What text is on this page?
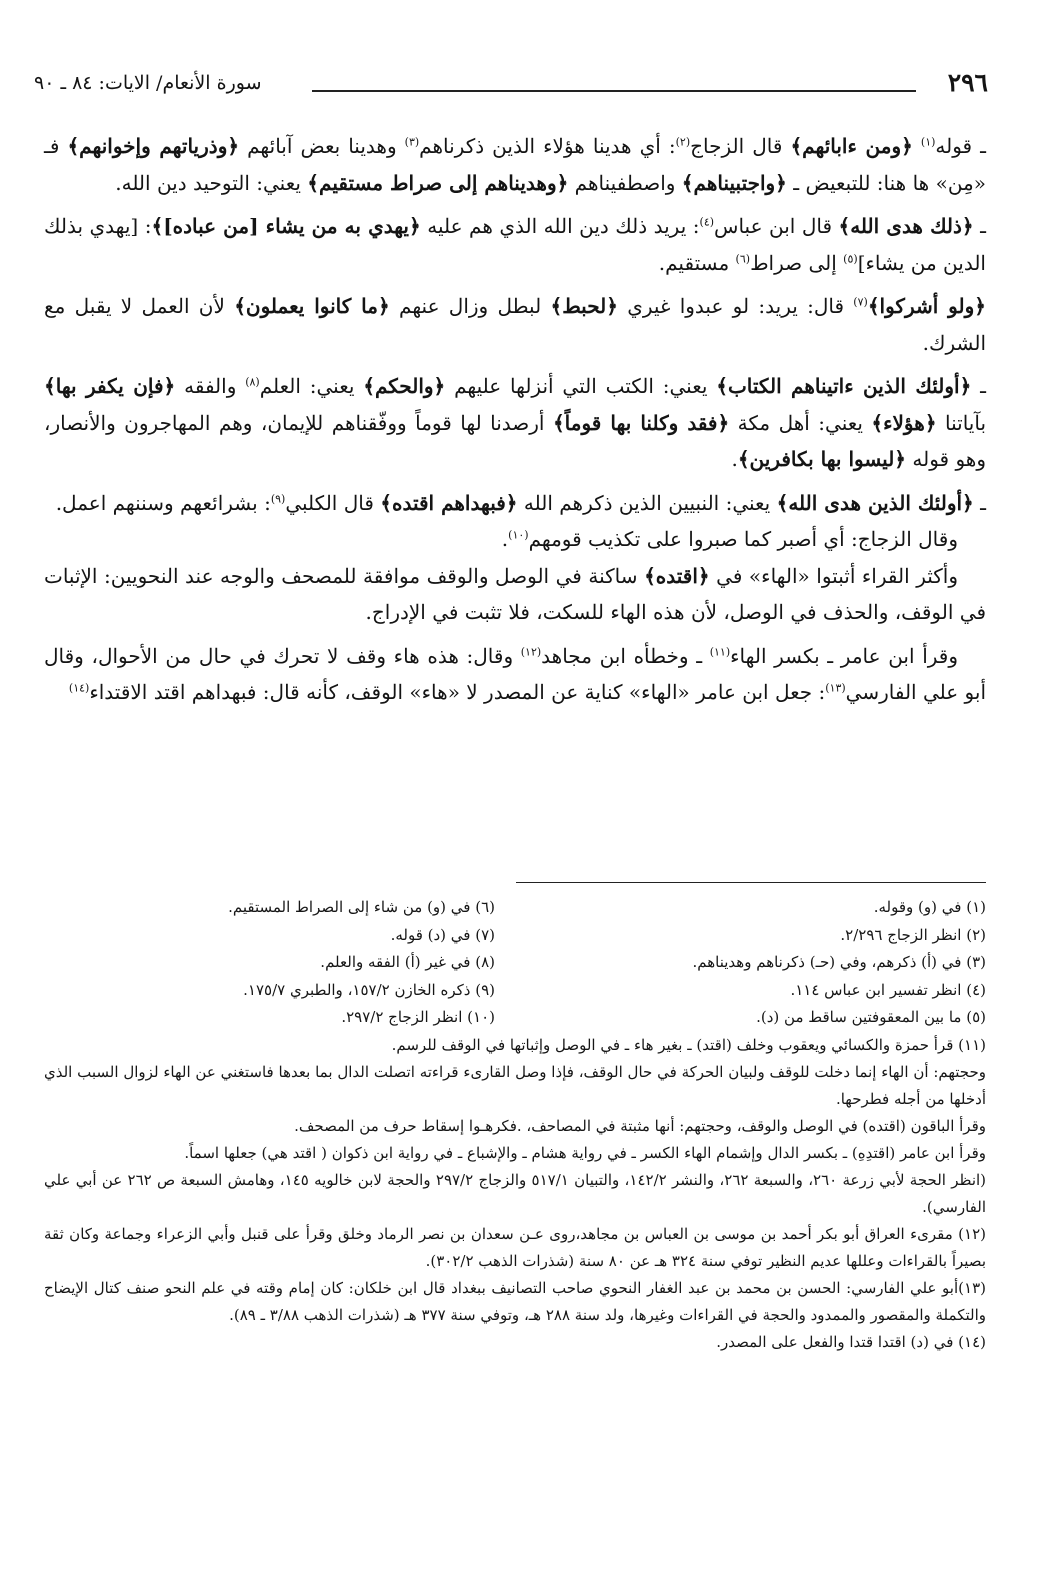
٢٩٦
سورة الأنعام/ الايات: ٨٤ ـ ٩٠

ـ قوله$^{(١)}$ ﴿ومن ءابائهم﴾ قال الزجاج$^{(٢)}$: أي هدينا هؤلاء الذين ذكرناهم$^{(٣)}$ وهدينا بعض آبائهم ﴿وذرياتهم وإخوانهم﴾ فـ «مِن» ها هنا: للتبعيض ـ ﴿واجتبيناهم﴾ واصطفيناهم ﴿وهديناهم إلى صراط مستقيم﴾ يعني: التوحيد دين الله.

ـ ﴿ذلك هدى الله﴾ قال ابن عباس$^{(٤)}$: يريد ذلك دين الله الذي هم عليه ﴿يهدي به من يشاء [من عباده]﴾: [يهدي بذلك الدين من يشاء]$^{(٥)}$ إلى صراط$^{(٦)}$ مستقيم.

﴿ولو أشركوا﴾$^{(٧)}$ قال: يريد: لو عبدوا غيري ﴿لحبط﴾ لبطل وزال عنهم ﴿ما كانوا يعملون﴾ لأن العمل لا يقبل مع الشرك.

ـ ﴿أولئك الذين ءاتيناهم الكتاب﴾ يعني: الكتب التي أنزلها عليهم ﴿والحكم﴾ يعني: العلم$^{(٨)}$ والفقه ﴿فإن يكفر بها﴾ بآياتنا ﴿هؤلاء﴾ يعني: أهل مكة ﴿فقد وكلنا بها قوماً﴾ أرصدنا لها قوماً ووفّقناهم للإيمان، وهم المهاجرون والأنصار، وهو قوله ﴿ليسوا بها بكافرين﴾.

ـ ﴿أولئك الذين هدى الله﴾ يعني: النبيين الذين ذكرهم الله ﴿فبهداهم اقتده﴾ قال الكلبي$^{(٩)}$: بشرائعهم وسننهم اعمل.

وقال الزجاج: أي أصبر كما صبروا على تكذيب قومهم$^{(١٠)}$.

وأكثر القراء أثبتوا «الهاء» في ﴿اقتده﴾ ساكنة في الوصل والوقف موافقة للمصحف والوجه عند النحويين: الإثبات في الوقف، والحذف في الوصل، لأن هذه الهاء للسكت، فلا تثبت في الإدراج.

وقرأ ابن عامر ـ بكسر الهاء$^{(١١)}$ ـ وخطأه ابن مجاهد$^{(١٢)}$ وقال: هذه هاء وقف لا تحرك في حال من الأحوال، وقال أبو علي الفارسي$^{(١٣)}$: جعل ابن عامر «الهاء» كناية عن المصدر لا «هاء» الوقف، كأنه قال: فبهداهم اقتد الاقتداء$^{(١٤)}$

(١) في (و) وقوله.
(٦) في (و) من شاء إلى الصراط المستقيم.
(٢) انظر الزجاج ٢/٢٩٦.
(٧) في (د) قوله.
(٣) في (أ) ذكرهم، وفي (حـ) ذكرناهم وهديناهم.
(٨) في غير (أ) الفقه والعلم.
(٤) انظر تفسير ابن عباس ١١٤.
(٩) ذكره الخازن ١٥٧/٢، والطبري ١٧٥/٧.
(٥) ما بين المعقوفتين ساقط من (د).
(١٠) انظر الزجاج ٢٩٧/٢.

(١١) قرأ حمزة والكسائي ويعقوب وخلف (اقتد) ـ بغير هاء ـ في الوصل وإثباتها في الوقف للرسم.

وحجتهم: أن الهاء إنما دخلت للوقف ولبيان الحركة في حال الوقف، فإذا وصل القارىء قراءته اتصلت الدال بما بعدها فاستغني عن الهاء لزوال السبب الذي أدخلها من أجله فطرحها.

وقرأ الباقون (اقتده) في الوصل والوقف، وحجتهم: أنها مثبتة في المصاحف، .فكرهـوا إسقاط حرف من المصحف.

وقرأ ابن عامر (اقتدِهِ) ـ بكسر الدال وإشمام الهاء الكسر ـ في رواية هشام ـ والإشباع ـ في رواية ابن ذكوان ( اقتد هي) جعلها اسماً.

(انظر الحجة لأبي زرعة ٢٦٠، والسبعة ٢٦٢، والنشر ١٤٢/٢، والتبيان ٥١٧/١ والزجاج ٢٩٧/٢ والحجة لابن خالويه ١٤٥، وهامش السبعة ص ٢٦٢ عن أبي علي الفارسي).

(١٢) مقرىء العراق أبو بكر أحمد بن موسى بن العباس بن مجاهد،روى عـن سعدان بن نصر الرماد وخلق وقرأ على قنبل وأبي الزعراء وجماعة وكان ثقة بصيراً بالقراءات وعللها عديم النظير توفي سنة ٣٢٤ هـ عن ٨٠ سنة (شذرات الذهب ٣٠٢/٢).

(١٣)أبو علي الفارسي: الحسن بن محمد بن عبد الغفار النحوي صاحب التصانيف ببغداد قال ابن خلكان: كان إمام وقته في علم النحو صنف كتال الإيضاح والتكملة والمقصور والممدود والحجة في القراءات وغيرها، ولد سنة ٢٨٨ هـ، وتوفي سنة ٣٧٧ هـ (شذرات الذهب ٣/٨٨ ـ ٨٩).

(١٤) في (د) اقتدا قتدا والفعل على المصدر.
